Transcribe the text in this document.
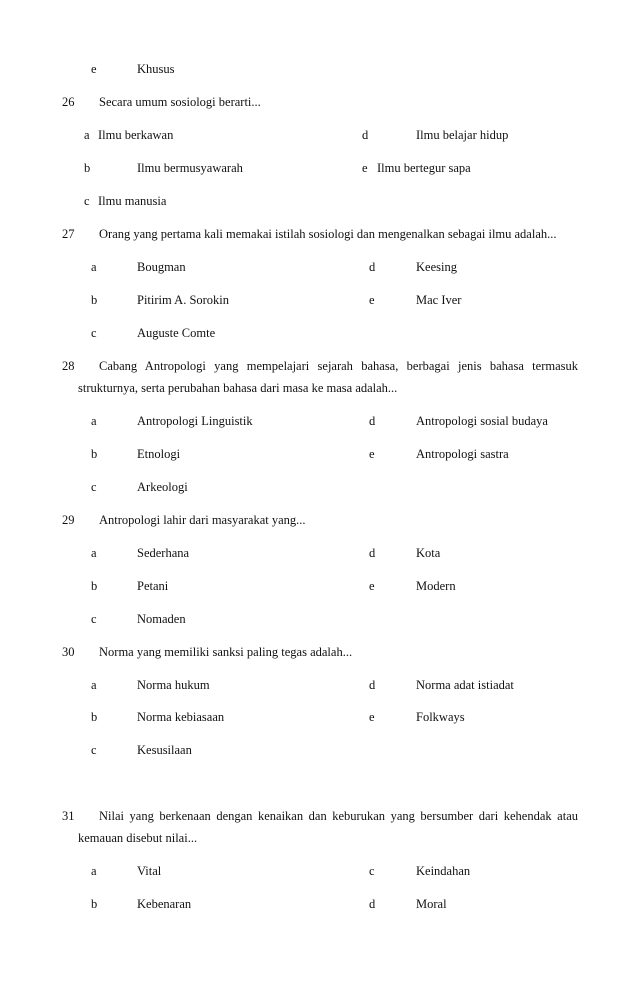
e	Khusus
26 Secara umum sosiologi berarti...
a Ilmu berkawan	d	Ilmu belajar hidup
b	Ilmu bermusyawarah	e Ilmu bertegur sapa
c Ilmu manusia
27 Orang yang pertama kali memakai istilah sosiologi dan mengenalkan sebagai ilmu adalah...
a	Bougman	d	Keesing
b	Pitirim A. Sorokin	e	Mac Iver
c	Auguste Comte
28 Cabang Antropologi yang mempelajari sejarah bahasa, berbagai jenis bahasa termasuk
strukturnya, serta perubahan bahasa dari masa ke masa adalah...
a	Antropologi Linguistik	d	Antropologi sosial budaya
b	Etnologi	e	Antropologi sastra
c	Arkeologi
29 Antropologi lahir dari masyarakat yang...
a	Sederhana	d	Kota
b	Petani	e	Modern
c	Nomaden
30 Norma yang memiliki sanksi paling tegas adalah...
a	Norma hukum	d	Norma adat istiadat
b	Norma kebiasaan	e	Folkways
c	Kesusilaan
31 Nilai yang berkenaan dengan kenaikan dan keburukan yang bersumber dari kehendak atau
kemauan disebut nilai...
a	Vital	c	Keindahan
b	Kebenaran	d	Moral
